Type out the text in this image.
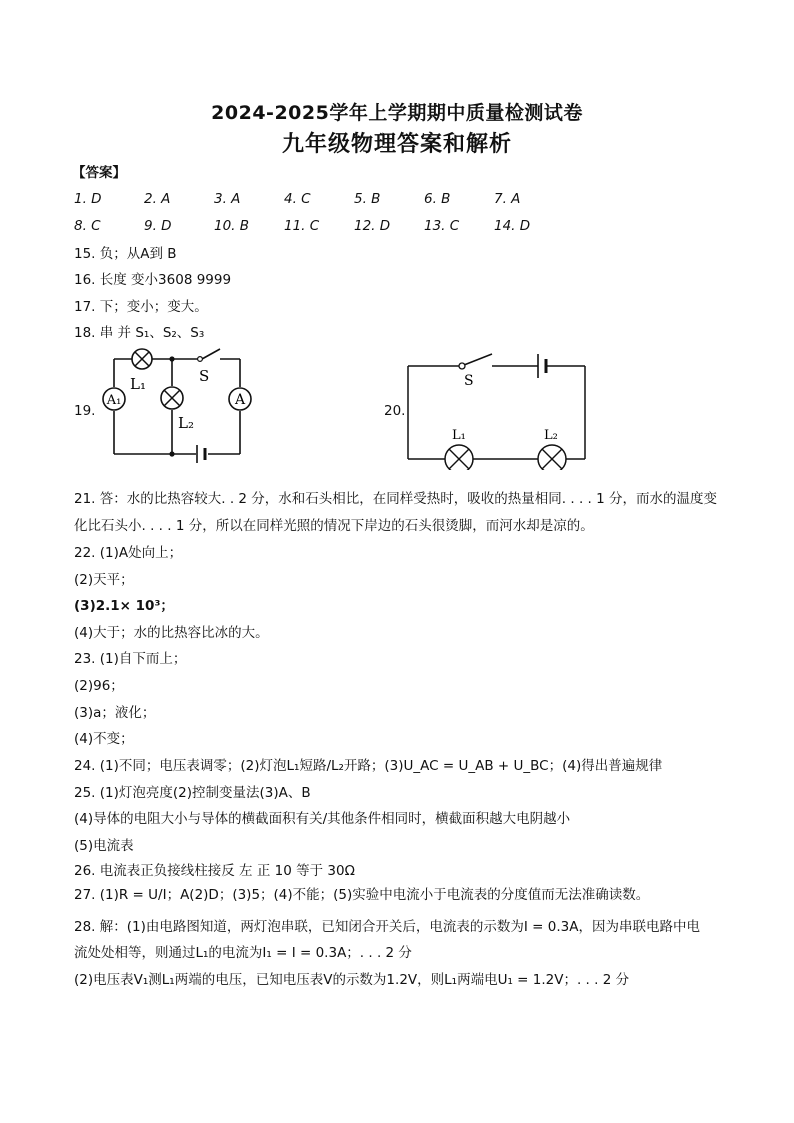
2024-2025学年上学期期中质量检测试卷
九年级物理答案和解析
【答案】
1. D	2. A	3. A	4. C	5. B	6. B	7. A
8. C	9. D	10. B	11. C	12. D	13. C	14. D
15. 负；从A到 B
16. 长度 变小3608 9999
17. 下；变小；变大。
18. 串 并 S₁、S₂、S₃
19.
A₁	A
L₁
L₂
S
20.
S
L₁	L₂
21. 答：水的比热容较大. . 2 分，水和石头相比，在同样受热时，吸收的热量相同. . . . 1 分，而水的温度变
化比石头小. . . . 1 分，所以在同样光照的情况下岸边的石头很烫脚，而河水却是凉的。
22. (1)A处向上；
(2)天平；
(3)2.1× 10³；
(4)大于；水的比热容比冰的大。
23. (1)自下而上；
(2)96；
(3)a；液化；
(4)不变；
24. (1)不同；电压表调零；(2)灯泡L₁短路/L₂开路；(3)U_AC = U_AB + U_BC；(4)得出普遍规律
25. (1)灯泡亮度(2)控制变量法(3)A、B
(4)导体的电阻大小与导体的横截面积有关/其他条件相同时，横截面积越大电阴越小
(5)电流表
26. 电流表正负接线柱接反 左 正 10 等于 30Ω
27. (1)R = U/I；A(2)D；(3)5；(4)不能；(5)实验中电流小于电流表的分度值而无法准确读数。
28. 解：(1)由电路图知道，两灯泡串联，已知闭合开关后，电流表的示数为I = 0.3A，因为串联电路中电
流处处相等，则通过L₁的电流为I₁ = I = 0.3A；. . . 2 分
(2)电压表V₁测L₁两端的电压，已知电压表V的示数为1.2V，则L₁两端电U₁ = 1.2V；. . . 2 分
